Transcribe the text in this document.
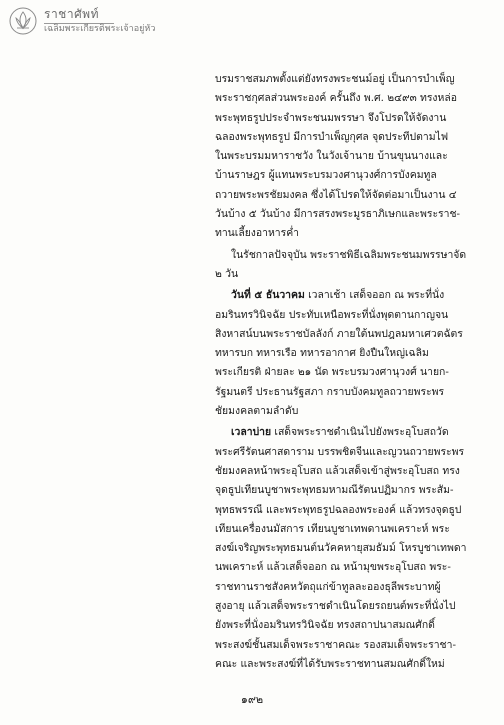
ราชาศัพท์
เฉลิมพระเกียรติพระเจ้าอยู่หัว

บรมราชสมภพตั้งแต่ยังทรงพระชนม์อยู่ เป็นการบำเพ็ญ
พระราชกุศลส่วนพระองค์ ครั้นถึง พ.ศ. ๒๔๙๓ ทรงหล่อ
พระพุทธรูปประจำพระชนมพรรษา จึงโปรดให้จัดงาน
ฉลองพระพุทธรูป มีการบำเพ็ญกุศล จุดประทีปตามไฟ
ในพระบรมมหาราชวัง ในวังเจ้านาย บ้านขุนนางและ
บ้านราษฎร ผู้แทนพระบรมวงศานุวงศ์การบังคมทูล
ถวายพระพรชัยมงคล ซึ่งได้โปรดให้จัดต่อมาเป็นงาน ๔
วันบ้าง ๕ วันบ้าง มีการสรงพระมูรธาภิเษกและพระราช-
ทานเลี้ยงอาหารค่ำ

ในรัชกาลปัจจุบัน พระราชพิธีเฉลิมพระชนมพรรษาจัด
๒ วัน

วันที่ ๕ ธันวาคม เวลาเช้า เสด็จออก ณ พระที่นั่ง
อมรินทรวินิจฉัย ประทับเหนือพระที่นั่งพุดตานกาญจน
สิงหาสน์บนพระราชบัลลังก์ ภายใต้นพปฎลมหาเศวตฉัตร
ทหารบก ทหารเรือ ทหารอากาศ ยิงปืนใหญ่เฉลิม
พระเกียรติ ฝ่ายละ ๒๑ นัด พระบรมวงศานุวงศ์ นายก-
รัฐมนตรี ประธานรัฐสภา กราบบังคมทูลถวายพระพร
ชัยมงคลตามลำดับ

เวลาบ่าย เสด็จพระราชดำเนินไปยังพระอุโบสถวัด
พระศรีรัตนศาสดาราม บรรพชิตจีนและญวนถวายพระพร
ชัยมงคลหน้าพระอุโบสถ แล้วเสด็จเข้าสู่พระอุโบสถ ทรง
จุดธูปเทียนบูชาพระพุทธมหามณีรัตนปฏิมากร พระสัม-
พุทธพรรณี และพระพุทธรูปฉลองพระองค์ แล้วทรงจุดธูป
เทียนเครื่องนมัสการ เทียนบูชาเทพดานพเคราะห์ พระ
สงฆ์เจริญพระพุทธมนต์นวัคคหายุสมธัมม์ โหรบูชาเทพดา
นพเคราะห์ แล้วเสด็จออก ณ หน้ามุขพระอุโบสถ พระ-
ราชทานราชสังคหวัตถุแก่ข้าทูลละอองธุลีพระบาทผู้
สูงอายุ แล้วเสด็จพระราชดำเนินโดยรถยนต์พระที่นั่งไป
ยังพระที่นั่งอมรินทรวินิจฉัย ทรงสถาปนาสมณศักดิ์
พระสงฆ์ชั้นสมเด็จพระราชาคณะ รองสมเด็จพระราชา-
คณะ และพระสงฆ์ที่ได้รับพระราชทานสมณศักดิ์ใหม่

๑๙๒
